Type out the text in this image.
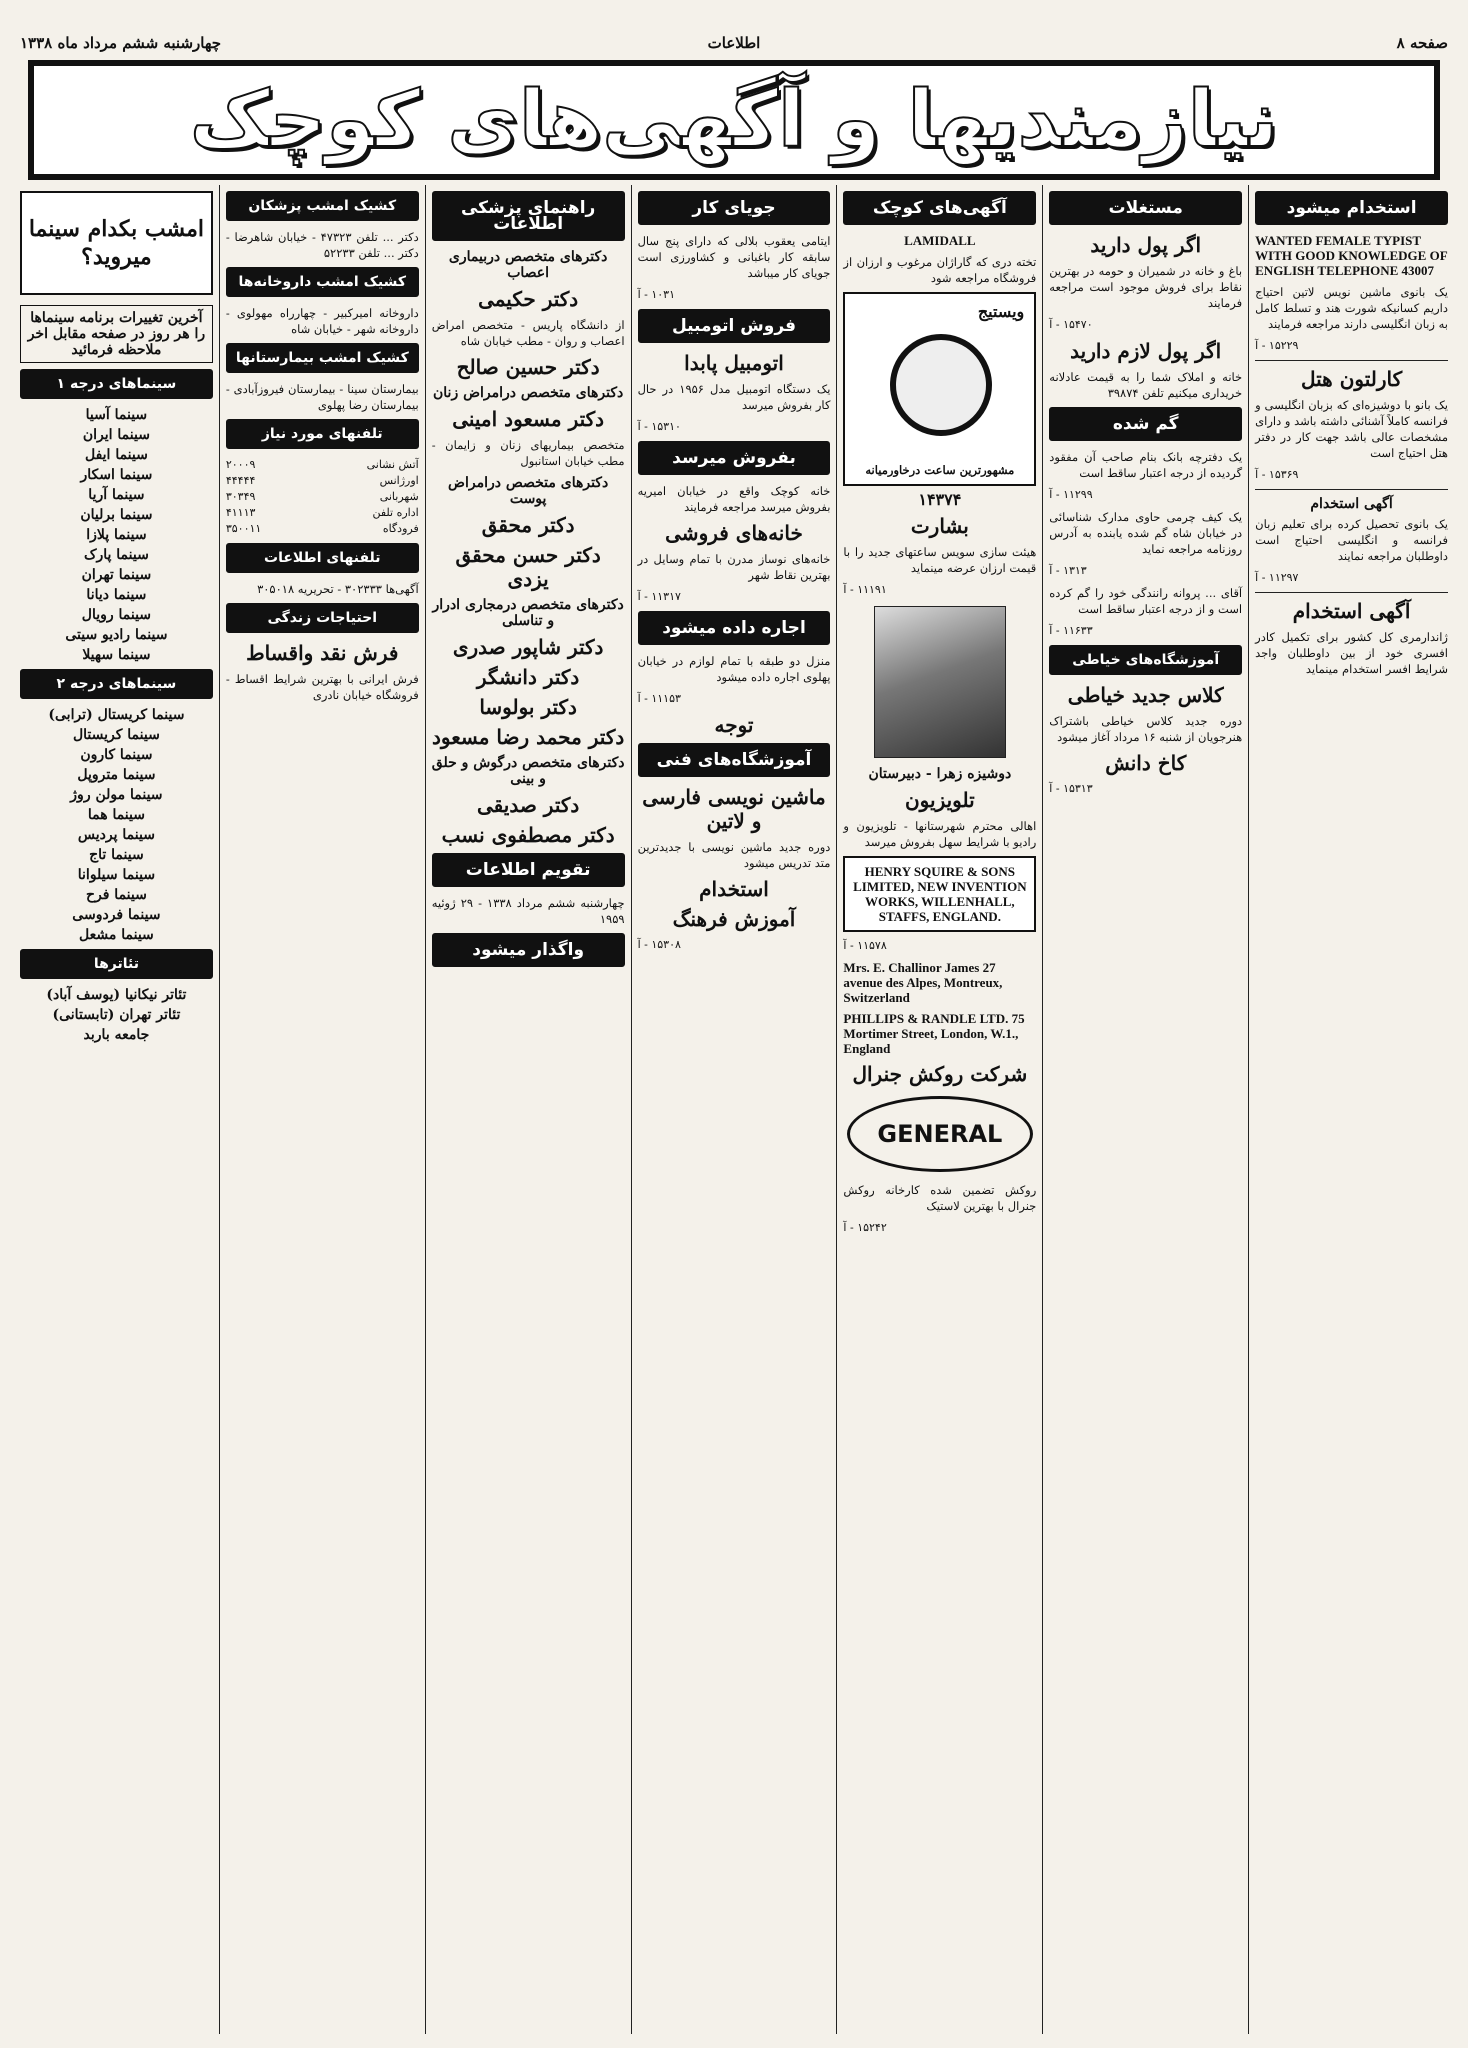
صفحه ۸
اطلاعات
چهارشنبه ششم مرداد ماه ۱۳۳۸
نیازمندیها و آگهی‌های کوچک
استخدام میشود
WANTED FEMALE TYPIST WITH GOOD KNOWLEDGE OF ENGLISH TELEPHONE 43007
یک بانوی ماشین نویس لاتین احتیاج داریم کسانیکه شورت هند و تسلط کامل به زبان انگلیسی دارند مراجعه فرمایند
۱۵۲۲۹ - آ
کارلتون هتل
یک بانو با دوشیزه‌ای که بزبان انگلیسی و فرانسه کاملاً آشنائی داشته باشد و دارای مشخصات عالی باشد جهت کار در دفتر هتل احتیاج است
۱۵۳۶۹ - آ
آگهی استخدام
یک بانوی تحصیل کرده برای تعلیم زبان فرانسه و انگلیسی احتیاج است داوطلبان مراجعه نمایند
۱۱۲۹۷ - آ
آگهی استخدام
ژاندارمری کل کشور برای تکمیل کادر افسری خود از بین داوطلبان واجد شرایط افسر استخدام مینماید
مستغلات
اگر پول دارید
باغ و خانه در شمیران و حومه در بهترین نقاط برای فروش موجود است مراجعه فرمایند
۱۵۴۷۰ - آ
اگر پول لازم دارید
خانه و املاک شما را به قیمت عادلانه خریداری میکنیم تلفن ۳۹۸۷۴
گم شده
یک دفترچه بانک بنام صاحب آن مفقود گردیده از درجه اعتبار ساقط است
۱۱۲۹۹ - آ
یک کیف چرمی حاوی مدارک شناسائی در خیابان شاه گم شده یابنده به آدرس روزنامه مراجعه نماید
۱۳۱۳ - آ
آقای ... پروانه رانندگی خود را گم کرده است و از درجه اعتبار ساقط است
۱۱۶۳۳ - آ
آموزشگاه‌های خیاطی
کلاس جدید خیاطی
دوره جدید کلاس خیاطی باشتراک هنرجویان از شنبه ۱۶ مرداد آغاز میشود
کاخ دانش
۱۵۳۱۳ - آ
آگهی‌های کوچک
LAMIDALL
تخته دری که گاراژان مرغوب و ارزان از فروشگاه مراجعه شود
ویستیج
مشهورترین ساعت درخاورمیانه
۱۴۳۷۴
بشارت
هیئت سازی سویس ساعتهای جدید را با قیمت ارزان عرضه مینماید
۱۱۱۹۱ - آ
دوشیزه زهرا - دبیرستان
تلویزیون
اهالی محترم شهرستانها - تلویزیون و رادیو با شرایط سهل بفروش میرسد
HENRY SQUIRE & SONS LIMITED, NEW INVENTION WORKS, WILLENHALL, STAFFS, ENGLAND.
۱۱۵۷۸ - آ
Mrs. E. Challinor James 27 avenue des Alpes, Montreux, Switzerland
PHILLIPS & RANDLE LTD. 75 Mortimer Street, London, W.1., England
شرکت روکش جنرال
GENERAL
روکش تضمین شده کارخانه روکش جنرال با بهترین لاستیک
۱۵۲۴۲ - آ
جویای کار
ایتامی یعقوب بلالی که دارای پنج سال سابقه کار باغبانی و کشاورزی است جویای کار میباشد
۱۰۳۱ - آ
فروش اتومبیل
اتومبیل پابدا
یک دستگاه اتومبیل مدل ۱۹۵۶ در حال کار بفروش میرسد
۱۵۳۱۰ - آ
بفروش میرسد
خانه کوچک واقع در خیابان امیریه بفروش میرسد مراجعه فرمایند
خانه‌های فروشی
خانه‌های نوساز مدرن با تمام وسایل در بهترین نقاط شهر
۱۱۳۱۷ - آ
اجاره داده میشود
منزل دو طبقه با تمام لوازم در خیابان پهلوی اجاره داده میشود
۱۱۱۵۳ - آ
توجه
آموزشگاه‌های فنی
ماشین نویسی فارسی و لاتین
دوره جدید ماشین نویسی با جدیدترین متد تدریس میشود
استخدام
آموزش فرهنگ
۱۵۳۰۸ - آ
راهنمای پزشکی اطلاعات
دکترهای متخصص دربیماری اعصاب
دکتر حکیمی
از دانشگاه پاریس - متخصص امراض اعصاب و روان - مطب خیابان شاه
دکتر حسین صالح
دکترهای متخصص درامراض زنان
دکتر مسعود امینی
متخصص بیماریهای زنان و زایمان - مطب خیابان استانبول
دکترهای متخصص درامراض پوست
دکتر محقق
دکتر حسن محقق یزدی
دکترهای متخصص درمجاری ادرار و تناسلی
دکتر شاپور صدری
دکتر دانشگر
دکتر بولوسا
دکتر محمد رضا مسعود
دکترهای متخصص درگوش و حلق و بینی
دکتر صدیقی
دکتر مصطفوی نسب
تقویم اطلاعات
چهارشنبه ششم مرداد ۱۳۳۸ - ۲۹ ژوئیه ۱۹۵۹
واگذار میشود
کشیک امشب پزشکان
دکتر ... تلفن ۴۷۳۲۳ - خیابان شاهرضا - دکتر ... تلفن ۵۲۲۳۳
کشیک امشب داروخانه‌ها
داروخانه امیرکبیر - چهارراه مهولوی - داروخانه شهر - خیابان شاه
کشیک امشب بیمارستانها
بیمارستان سینا - بیمارستان فیروزآبادی - بیمارستان رضا پهلوی
تلفنهای مورد نیاز
آتش نشانی
۲۰۰۰۹
اورژانس
۴۴۴۴۴
شهربانی
۳۰۳۴۹
اداره تلفن
۴۱۱۱۳
فرودگاه
۳۵۰۰۱۱
تلفنهای اطلاعات
آگهی‌ها ۳۰۲۳۳۳ - تحریریه ۳۰۵۰۱۸
احتیاجات زندگی
فرش نقد واقساط
فرش ایرانی با بهترین شرایط اقساط - فروشگاه خیابان نادری
امشب بکدام سینما میروید؟
آخرین تغییرات برنامه سینماها را هر روز در صفحه مقابل اخر ملاحظه فرمائید
سینماهای درجه ۱
سینما آسیا
سینما ایران
سینما ایفل
سینما اسکار
سینما آریا
سینما برلیان
سینما پلازا
سینما پارک
سینما تهران
سینما دیانا
سینما رویال
سینما رادیو سیتی
سینما سهیلا
سینماهای درجه ۲
سینما کریستال (ترابی)
سینما کریستال
سینما کارون
سینما متروپل
سینما مولن روژ
سینما هما
سینما پردیس
سینما تاج
سینما سیلوانا
سینما فرح
سینما فردوسی
سینما مشعل
تئاترها
تئاتر نیکانیا (یوسف آباد)
تئاتر تهران (تابستانی)
جامعه باربد
